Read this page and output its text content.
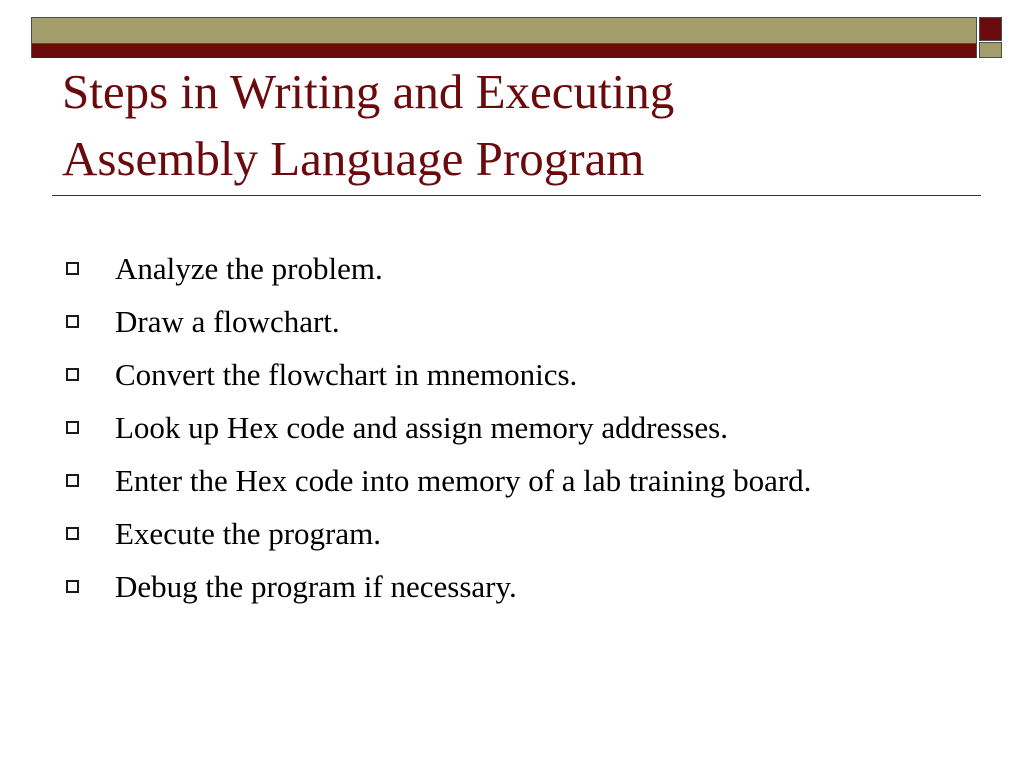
Steps in Writing and Executing
Assembly Language Program
Analyze the problem.
Draw a flowchart.
Convert the flowchart in mnemonics.
Look up Hex code and assign memory addresses.
Enter the Hex code into memory of a lab training board.
Execute the program.
Debug the program if necessary.
